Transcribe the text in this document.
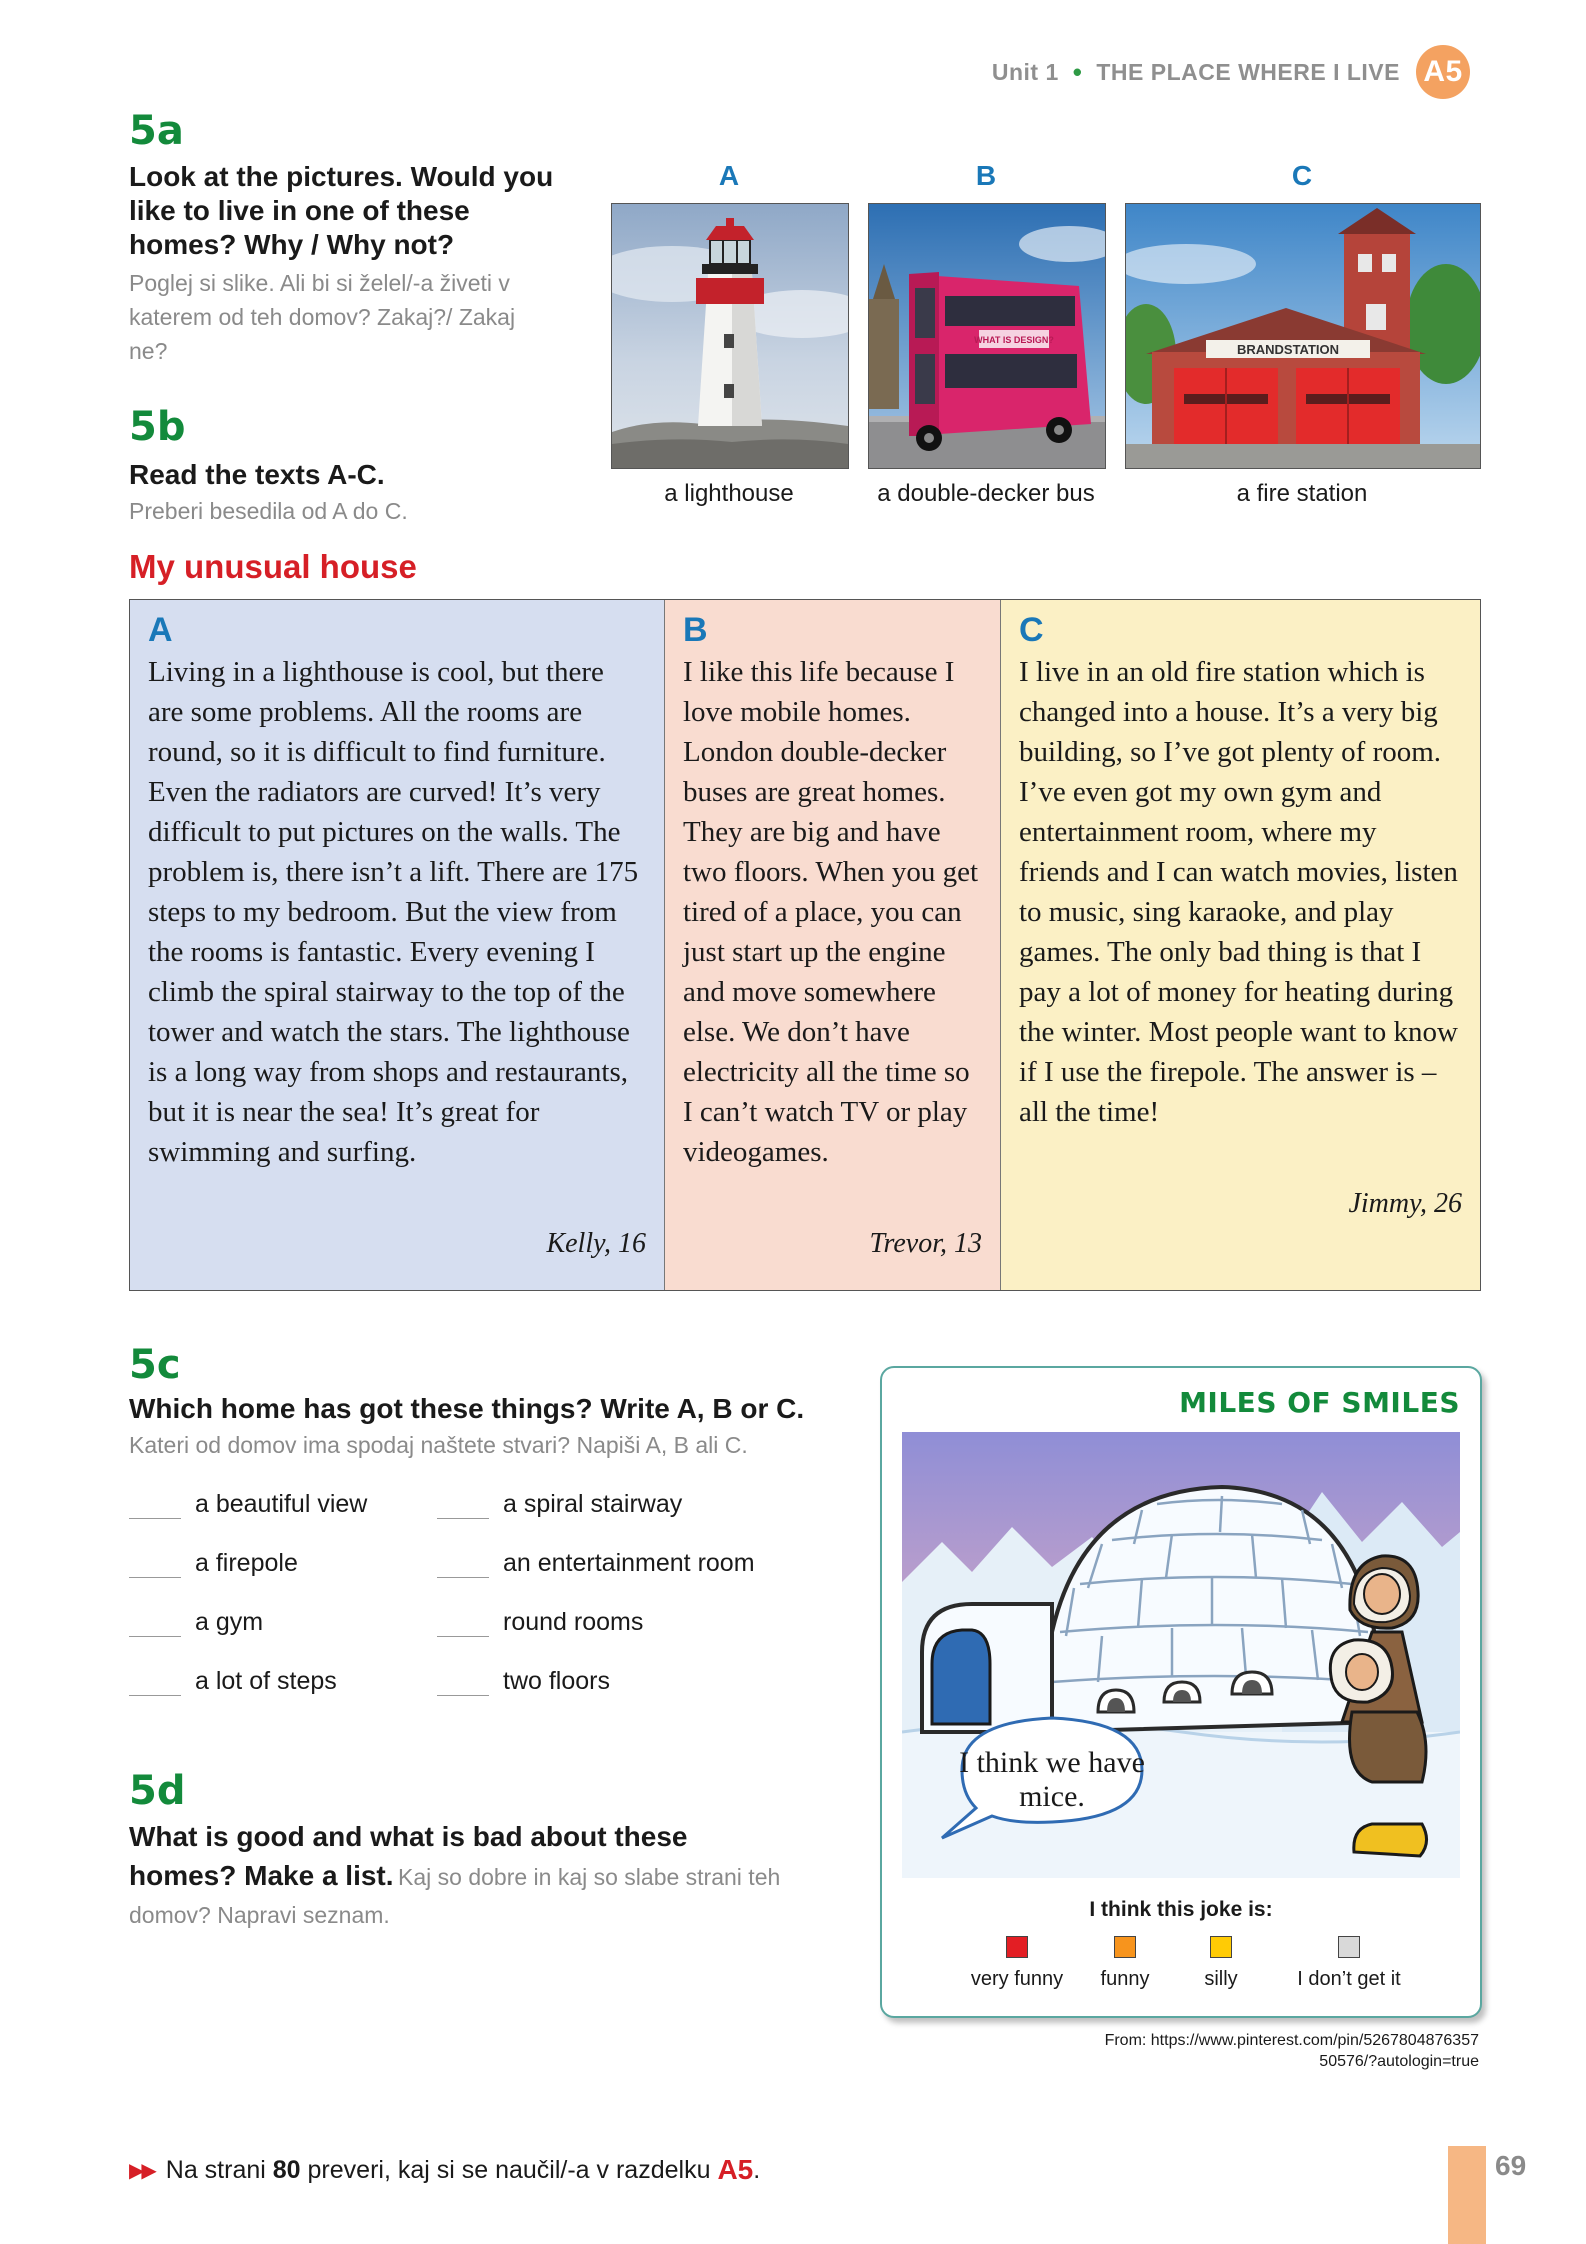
Unit 1 • THE PLACE WHERE I LIVE A5
5a
Look at the pictures. Would you like to live in one of these homes? Why / Why not?
Poglej si slike. Ali bi si želel/-a živeti v katerem od teh domov? Zakaj?/ Zakaj ne?
A	B	C
WHAT IS DESIGN?
BRANDSTATION
a lighthouse	a double-decker bus	a fire station
5b
Read the texts A-C.
Preberi besedila od A do C.
My unusual house
A
Living in a lighthouse is cool, but there are some problems. All the rooms are round, so it is difficult to find furniture. Even the radiators are curved! It’s very difficult to put pictures on the walls. The problem is, there isn’t a lift. There are 175 steps to my bedroom. But the view from the rooms is fantastic. Every evening I climb the spiral stairway to the top of the tower and watch the stars. The lighthouse is a long way from shops and restaurants, but it is near the sea! It’s great for swimming and surfing.
Kelly, 16
B
I like this life because I love mobile homes. London double-decker buses are great homes. They are big and have two floors. When you get tired of a place, you can just start up the engine and move somewhere else. We don’t have electricity all the time so I can’t watch TV or play videogames.
Trevor, 13
C
I live in an old fire station which is changed into a house. It’s a very big building, so I’ve got plenty of room. I’ve even got my own gym and entertainment room, where my friends and I can watch movies, listen to music, sing karaoke, and play games. The only bad thing is that I pay a lot of money for heating during the winter. Most people want to know if I use the firepole. The answer is – all the time!
Jimmy, 26
5c
Which home has got these things? Write A, B or C.
Kateri od domov ima spodaj naštete stvari? Napiši A, B ali C.
a beautiful view
a firepole
a gym
a lot of steps
a spiral stairway
an entertainment room
round rooms
two floors
5d
What is good and what is bad about these homes? Make a list. Kaj so dobre in kaj so slabe strani teh domov? Napravi seznam.
MILES OF SMILES
I think we have mice.
I think this joke is:
very funny	funny	silly	I don’t get it
From: https://www.pinterest.com/pin/5267804876357
50576/?autologin=true
▶▶ Na strani
80
preveri, kaj si se naučil/-a v razdelku
A5 .	69
